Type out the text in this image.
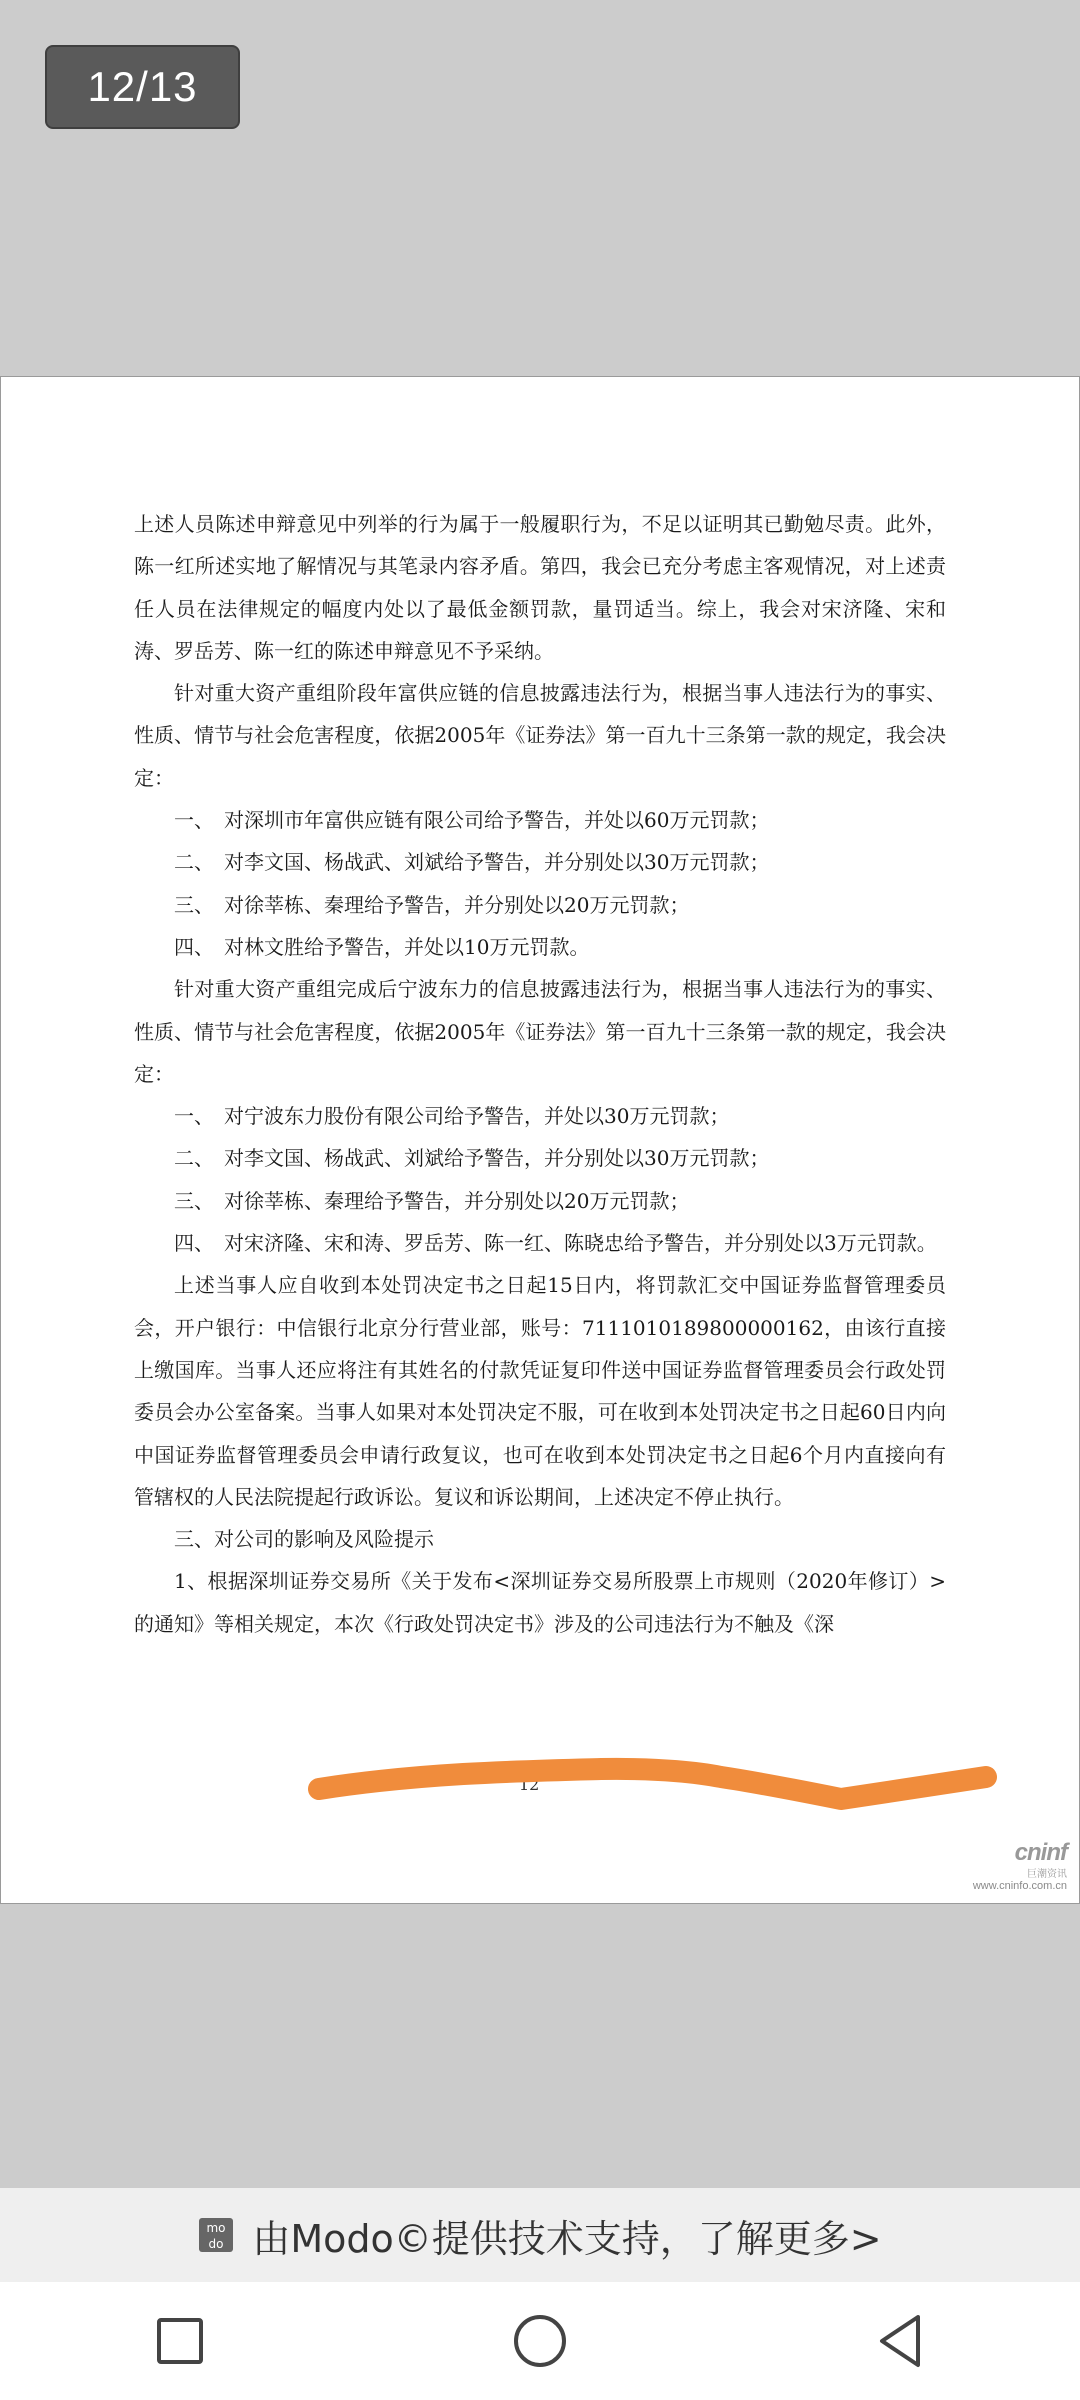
12/13

上述人员陈述申辩意见中列举的行为属于一般履职行为，不足以证明其已勤勉尽责。此外，陈一红所述实地了解情况与其笔录内容矛盾。第四，我会已充分考虑主客观情况，对上述责任人员在法律规定的幅度内处以了最低金额罚款，量罚适当。综上，我会对宋济隆、宋和涛、罗岳芳、陈一红的陈述申辩意见不予采纳。

针对重大资产重组阶段年富供应链的信息披露违法行为，根据当事人违法行为的事实、性质、情节与社会危害程度，依据2005年《证券法》第一百九十三条第一款的规定，我会决定：

一、　对深圳市年富供应链有限公司给予警告，并处以60万元罚款；

二、　对李文国、杨战武、刘斌给予警告，并分别处以30万元罚款；

三、　对徐莘栋、秦理给予警告，并分别处以20万元罚款；

四、　对林文胜给予警告，并处以10万元罚款。

针对重大资产重组完成后宁波东力的信息披露违法行为，根据当事人违法行为的事实、性质、情节与社会危害程度，依据2005年《证券法》第一百九十三条第一款的规定，我会决定：

一、　对宁波东力股份有限公司给予警告，并处以30万元罚款；

二、　对李文国、杨战武、刘斌给予警告，并分别处以30万元罚款；

三、　对徐莘栋、秦理给予警告，并分别处以20万元罚款；

四、　对宋济隆、宋和涛、罗岳芳、陈一红、陈晓忠给予警告，并分别处以3万元罚款。

上述当事人应自收到本处罚决定书之日起15日内，将罚款汇交中国证券监督管理委员会，开户银行：中信银行北京分行营业部，账号：7111010189800000162，由该行直接上缴国库。当事人还应将注有其姓名的付款凭证复印件送中国证券监督管理委员会行政处罚委员会办公室备案。当事人如果对本处罚决定不服，可在收到本处罚决定书之日起60日内向中国证券监督管理委员会申请行政复议，也可在收到本处罚决定书之日起6个月内直接向有管辖权的人民法院提起行政诉讼。复议和诉讼期间，上述决定不停止执行。

三、对公司的影响及风险提示

1、根据深圳证券交易所《关于发布<深圳证券交易所股票上市规则（2020年修订）>的通知》等相关规定，本次《行政处罚决定书》涉及的公司违法行为不触及《深

12
cninf
巨潮资讯
www.cninfo.com.cn
mo
do 由Modo©提供技术支持，了解更多>
